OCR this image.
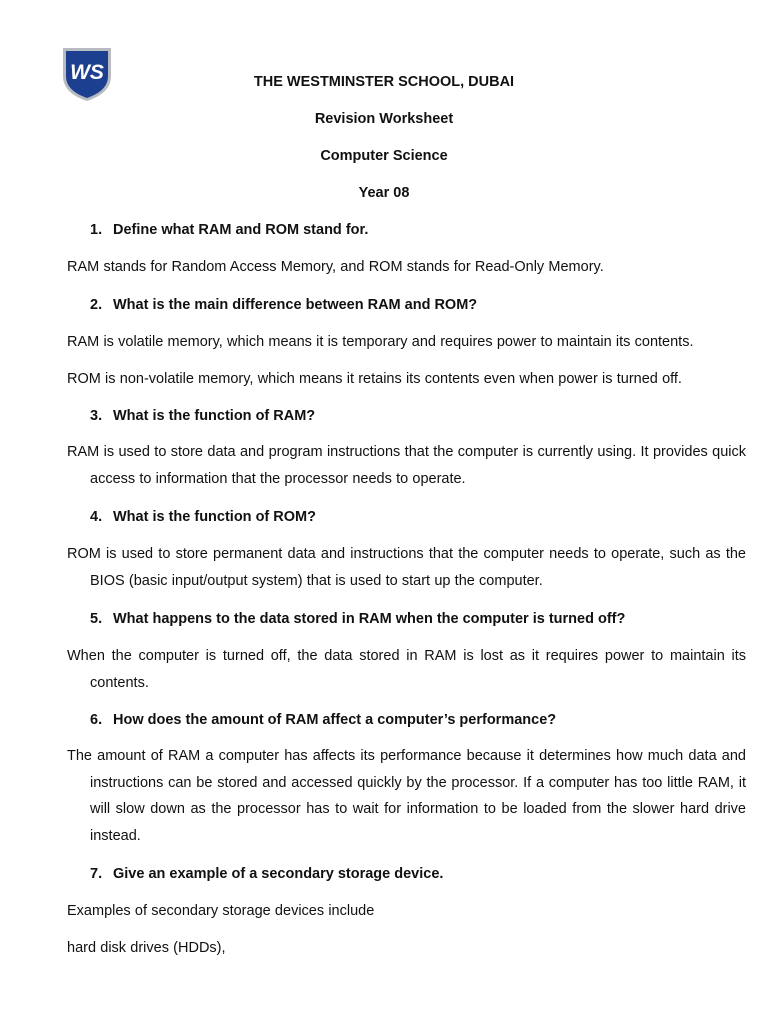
WS	THE WESTMINSTER SCHOOL, DUBAI
Revision Worksheet
Computer Science
Year 08
1. Define what RAM and ROM stand for.
RAM stands for Random Access Memory, and ROM stands for Read-Only Memory.
2. What is the main difference between RAM and ROM?
RAM is volatile memory, which means it is temporary and requires power to maintain its contents.
ROM is non-volatile memory, which means it retains its contents even when power is turned off.
3. What is the function of RAM?
RAM is used to store data and program instructions that the computer is currently using. It provides quick access to information that the processor needs to operate.
4. What is the function of ROM?
ROM is used to store permanent data and instructions that the computer needs to operate, such as the BIOS (basic input/output system) that is used to start up the computer.
5. What happens to the data stored in RAM when the computer is turned off?
When the computer is turned off, the data stored in RAM is lost as it requires power to maintain its contents.
6. How does the amount of RAM affect a computer’s performance?
The amount of RAM a computer has affects its performance because it determines how much data and instructions can be stored and accessed quickly by the processor. If a computer has too little RAM, it will slow down as the processor has to wait for information to be loaded from the slower hard drive instead.
7. Give an example of a secondary storage device.
Examples of secondary storage devices include
hard disk drives (HDDs),
